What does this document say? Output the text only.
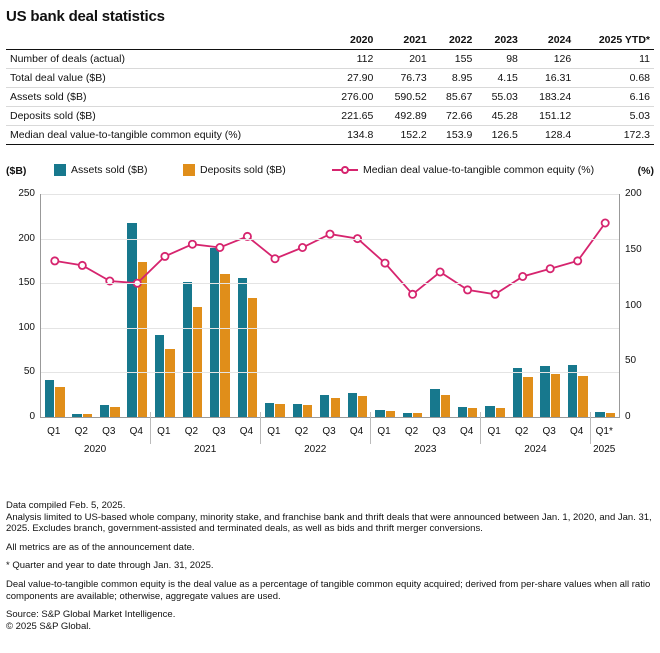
US bank deal statistics
	2020	2021	2022	2023	2024	2025 YTD*
Number of deals (actual)	112	201	155	98	126	11
Total deal value ($B)	27.90	76.73	8.95	4.15	16.31	0.68
Assets sold ($B)	276.00	590.52	85.67	55.03	183.24	6.16
Deposits sold ($B)	221.65	492.89	72.66	45.28	151.12	5.03
Median deal value-to-tangible common equity (%)	134.8	152.2	153.9	126.5	128.4	172.3
($B)	(%)
Assets sold ($B)	Deposits sold ($B)	Median deal value-to-tangible common equity (%)
0
50
100
150
200
250
0
50
100
150
200
Q1 Q2 Q3 Q4 Q1 Q2 Q3 Q4 Q1 Q2 Q3 Q4 Q1 Q2 Q3 Q4 Q1 Q2 Q3 Q4 Q1*
2020	2021	2022	2023	2024	2025

Data compiled Feb. 5, 2025.

Analysis limited to US-based whole company, minority stake, and franchise bank and thrift deals that were announced between Jan. 1, 2020, and Jan. 31, 2025. Excludes branch, government-assisted and terminated deals, as well as bids and thrift merger conversions.

All metrics are as of the announcement date.

* Quarter and year to date through Jan. 31, 2025.

Deal value-to-tangible common equity is the deal value as a percentage of tangible common equity acquired; derived from per-share values when all ratio components are available; otherwise, aggregate values are used.

Source: S&P Global Market Intelligence.

© 2025 S&P Global.
